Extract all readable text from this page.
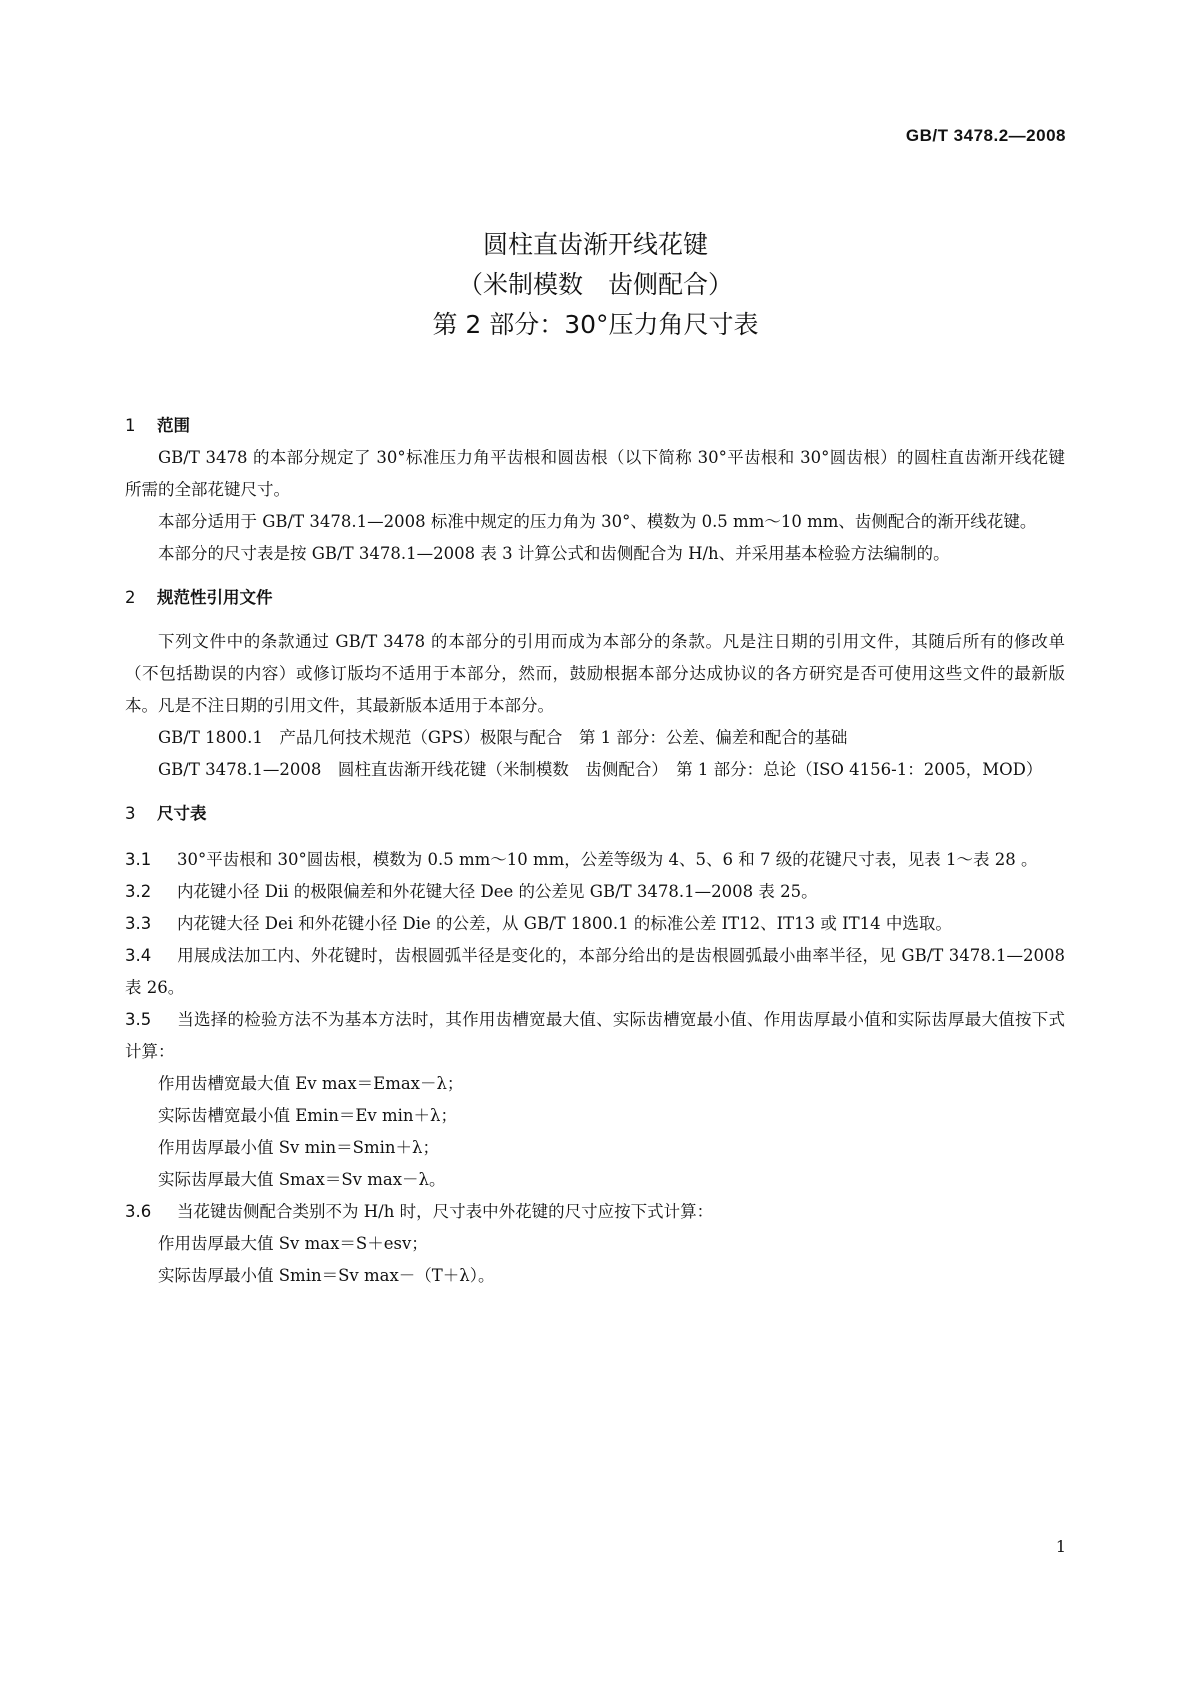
GB/T 3478.2—2008
圆柱直齿渐开线花键
（米制模数　齿侧配合）
第 2 部分：30°压力角尺寸表
1 范围
GB/T 3478 的本部分规定了 30°标准压力角平齿根和圆齿根（以下简称 30°平齿根和 30°圆齿根）的圆柱直齿渐开线花键所需的全部花键尺寸。
本部分适用于 GB/T 3478.1—2008 标准中规定的压力角为 30°、模数为 0.5 mm～10 mm、齿侧配合的渐开线花键。
本部分的尺寸表是按 GB/T 3478.1—2008 表 3 计算公式和齿侧配合为 H/h、并采用基本检验方法编制的。
2 规范性引用文件
下列文件中的条款通过 GB/T 3478 的本部分的引用而成为本部分的条款。凡是注日期的引用文件，其随后所有的修改单（不包括勘误的内容）或修订版均不适用于本部分，然而，鼓励根据本部分达成协议的各方研究是否可使用这些文件的最新版本。凡是不注日期的引用文件，其最新版本适用于本部分。
GB/T 1800.1　产品几何技术规范（GPS）极限与配合　第 1 部分：公差、偏差和配合的基础
GB/T 3478.1—2008　圆柱直齿渐开线花键（米制模数　齿侧配合）　第 1 部分：总论（ISO 4156-1：2005，MOD）
3 尺寸表
3.1 30°平齿根和 30°圆齿根，模数为 0.5 mm～10 mm，公差等级为 4、5、6 和 7 级的花键尺寸表，见表 1～表 28 。
3.2 内花键小径 Dii 的极限偏差和外花键大径 Dee 的公差见 GB/T 3478.1—2008 表 25。
3.3 内花键大径 Dei 和外花键小径 Die 的公差，从 GB/T 1800.1 的标准公差 IT12、IT13 或 IT14 中选取。
3.4 用展成法加工内、外花键时，齿根圆弧半径是变化的，本部分给出的是齿根圆弧最小曲率半径，见 GB/T 3478.1—2008 表 26。
3.5 当选择的检验方法不为基本方法时，其作用齿槽宽最大值、实际齿槽宽最小值、作用齿厚最小值和实际齿厚最大值按下式计算：
作用齿槽宽最大值 Ev max＝Emax－λ；
实际齿槽宽最小值 Emin＝Ev min＋λ；
作用齿厚最小值 Sv min＝Smin＋λ；
实际齿厚最大值 Smax＝Sv max－λ。
3.6 当花键齿侧配合类别不为 H/h 时，尺寸表中外花键的尺寸应按下式计算：
作用齿厚最大值 Sv max＝S＋esv；
实际齿厚最小值 Smin＝Sv max－（T＋λ）。
1
